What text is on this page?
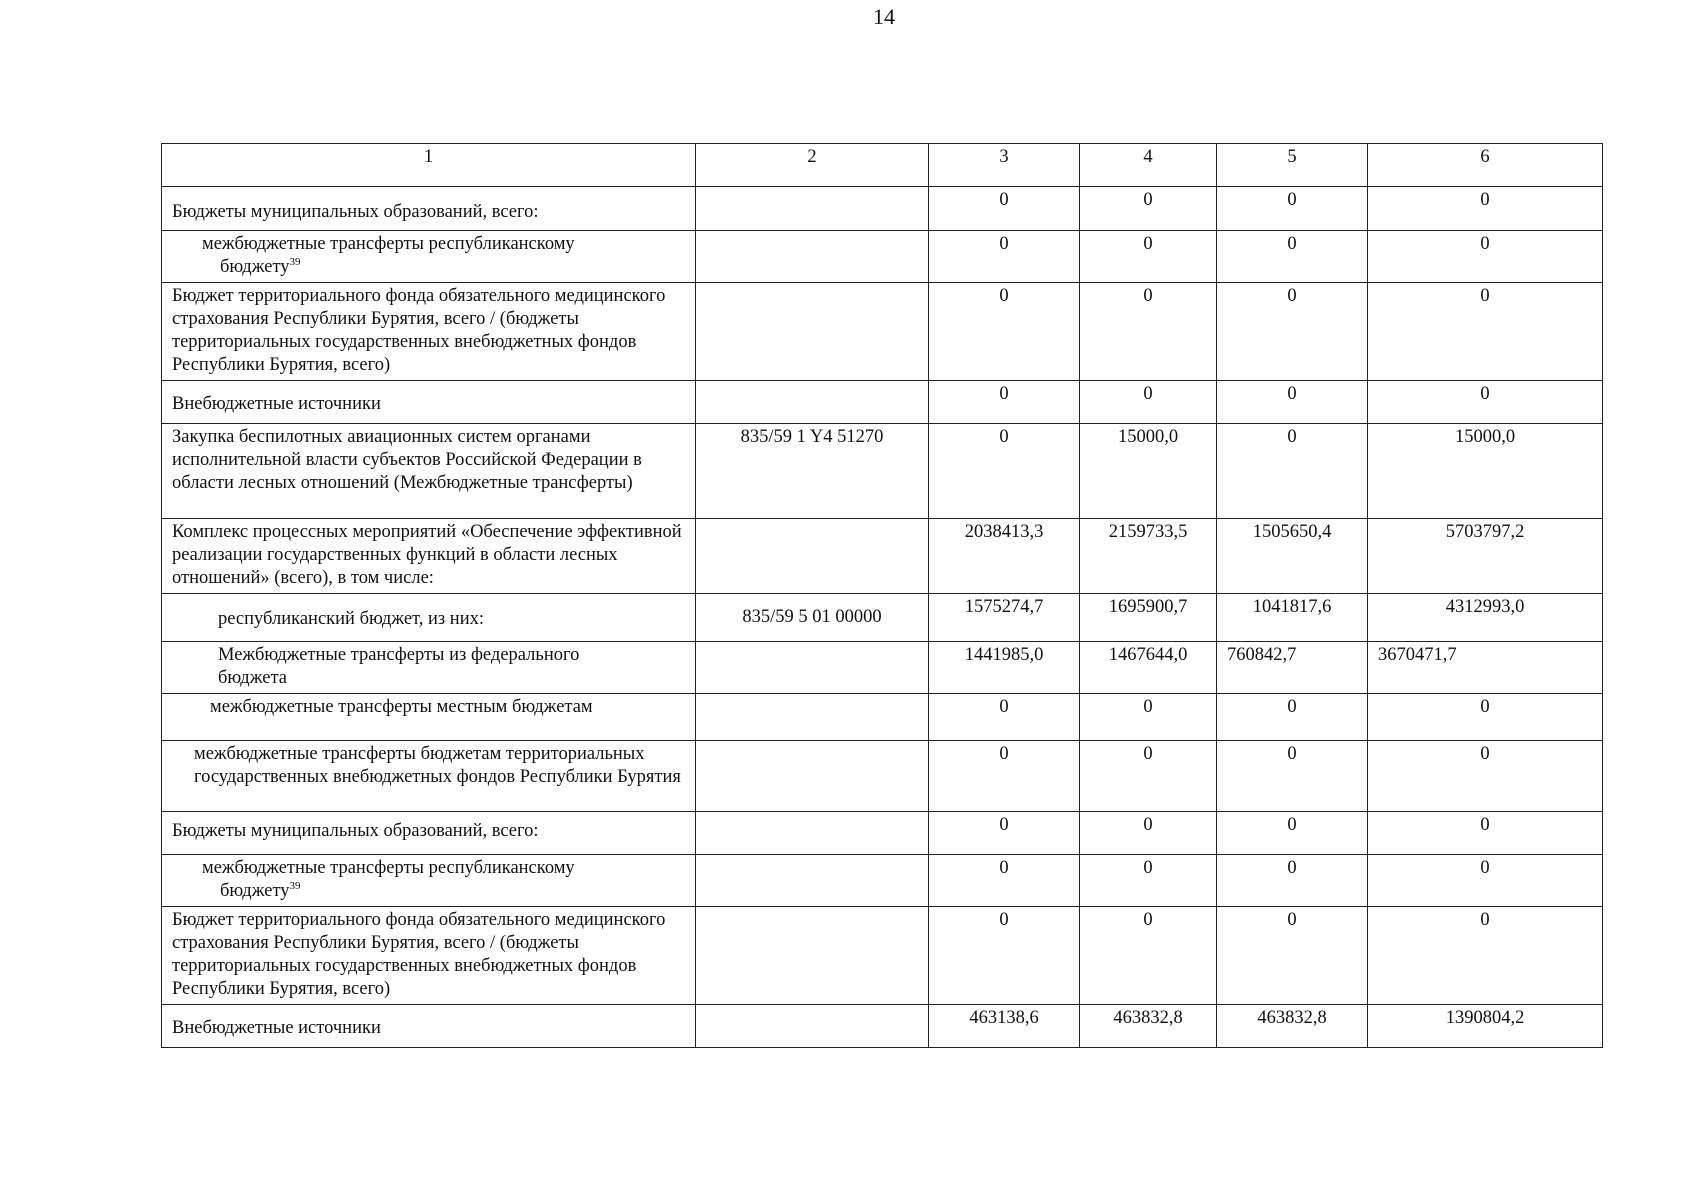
14
1	2	3	4	5	6
Бюджеты муниципальных образований, всего:		0	0	0	0
межбюджетные трансферты республиканскому
бюджету$^{39}$		0	0	0	0
Бюджет территориального фонда обязательного медицинского страхования Республики Бурятия, всего / (бюджеты территориальных государственных внебюджетных фондов Республики Бурятия, всего)		0	0	0	0
Внебюджетные источники		0	0	0	0
Закупка беспилотных авиационных систем органами исполнительной власти субъектов Российской Федерации в области лесных отношений (Межбюджетные трансферты)	835/59 1 Y4 51270	0	15000,0	0	15000,0
Комплекс процессных мероприятий «Обеспечение эффективной реализации государственных функций в области лесных отношений» (всего), в том числе:		2038413,3	2159733,5	1505650,4	5703797,2
республиканский бюджет, из них:	835/59 5 01 00000	1575274,7	1695900,7	1041817,6	4312993,0
Межбюджетные трансферты из федерального
бюджета		1441985,0	1467644,0	760842,7	3670471,7
межбюджетные трансферты местным бюджетам		0	0	0	0
межбюджетные трансферты бюджетам территориальных государственных внебюджетных фондов Республики Бурятия		0	0	0	0
Бюджеты муниципальных образований, всего:		0	0	0	0
межбюджетные трансферты республиканскому
бюджету$^{39}$		0	0	0	0
Бюджет территориального фонда обязательного медицинского страхования Республики Бурятия, всего / (бюджеты территориальных государственных внебюджетных фондов Республики Бурятия, всего)		0	0	0	0
Внебюджетные источники		463138,6	463832,8	463832,8	1390804,2
